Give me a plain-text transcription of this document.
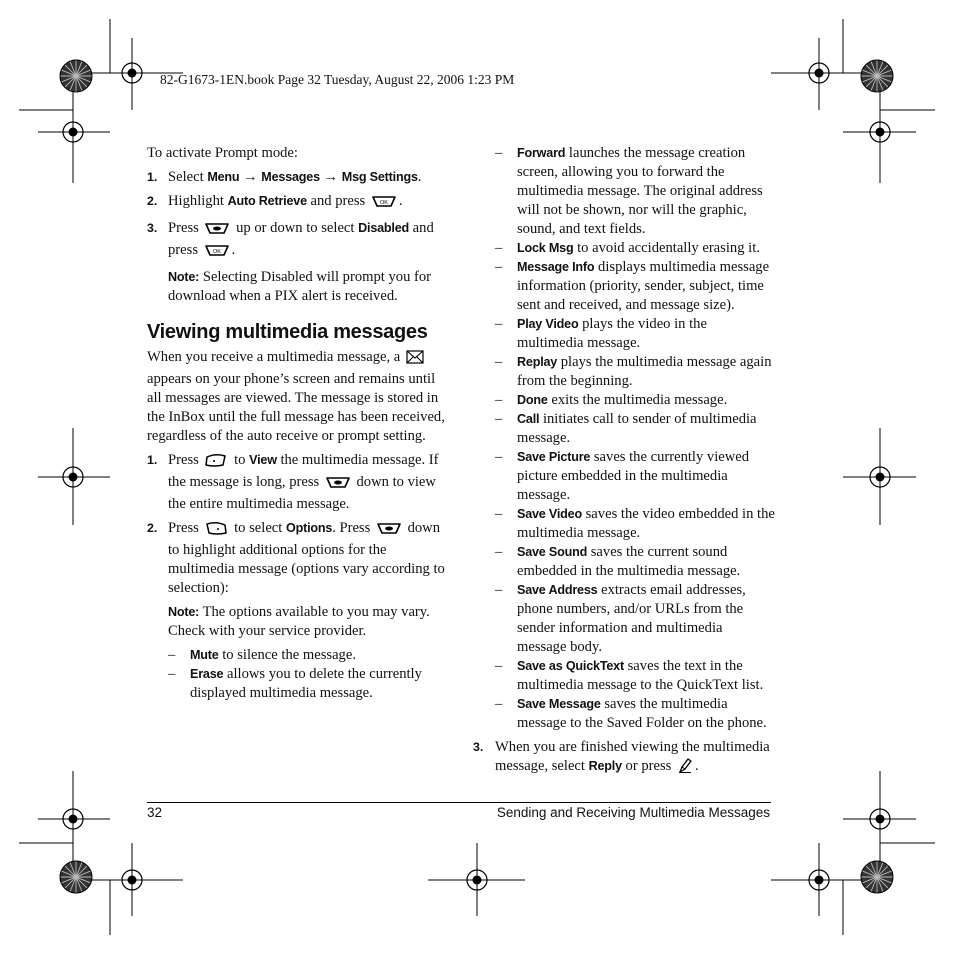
82-G1673-1EN.book Page 32 Tuesday, August 22, 2006 1:23 PM
To activate Prompt mode:
1. Select Menu → Messages → Msg Settings.
2. Highlight Auto Retrieve and press OK .
3. Press  up or down to select Disabled and press OK .
Note: Selecting Disabled will prompt you for download when a PIX alert is received.
Viewing multimedia messages
When you receive a multimedia message, a  appears on your phone’s screen and remains until all messages are viewed. The message is stored in the InBox until the full message has been received, regardless of the auto receive or prompt setting.
1. Press  to View the multimedia message. If the message is long, press  down to view the entire multimedia message.
2. Press  to select Options. Press  down to highlight additional options for the multimedia message (options vary according to selection):
Note: The options available to you may vary. Check with your service provider.
– Mute to silence the message.
– Erase allows you to delete the currently displayed multimedia message.
– Forward launches the message creation screen, allowing you to forward the multimedia message. The original address will not be shown, nor will the graphic, sound, and text fields.
– Lock Msg to avoid accidentally erasing it.
– Message Info displays multimedia message information (priority, sender, subject, time sent and received, and message size).
– Play Video plays the video in the multimedia message.
– Replay plays the multimedia message again from the beginning.
– Done exits the multimedia message.
– Call initiates call to sender of multimedia message.
– Save Picture saves the currently viewed picture embedded in the multimedia message.
– Save Video saves the video embedded in the multimedia message.
– Save Sound saves the current sound embedded in the multimedia message.
– Save Address extracts email addresses, phone numbers, and/or URLs from the sender information and multimedia message body.
– Save as QuickText saves the text in the multimedia message to the QuickText list.
– Save Message saves the multimedia message to the Saved Folder on the phone.
3. When you are finished viewing the multimedia message, select Reply or press .
32	Sending and Receiving Multimedia Messages
